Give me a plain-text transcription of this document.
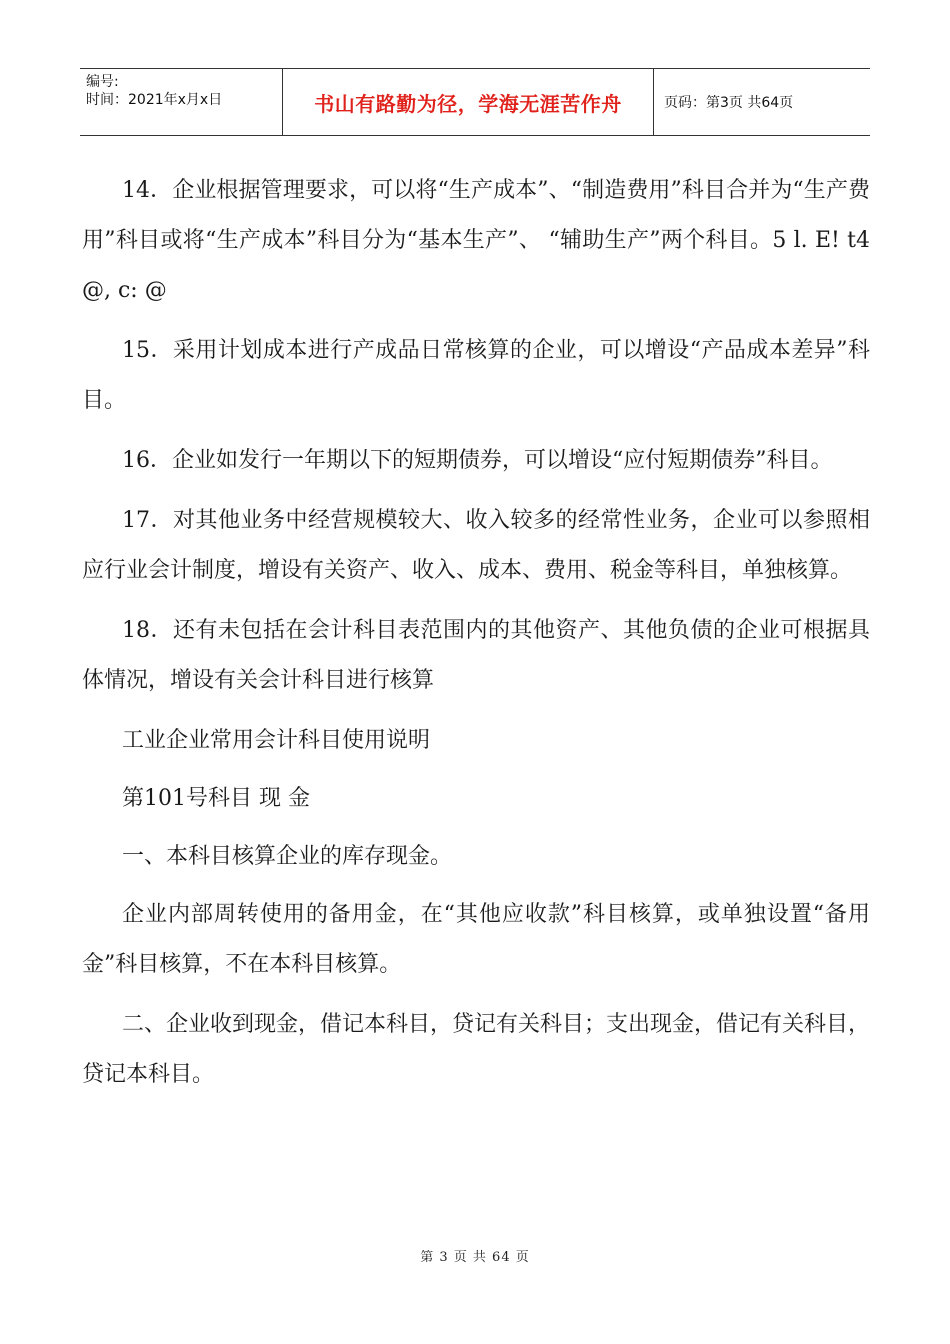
编号:
时间：2021年x月x日	书山有路勤为径，学海无涯苦作舟	页码：第3页 共64页

14．企业根据管理要求，可以将“生产成本”、“制造费用”科目合并为“生产费用”科目或将“生产成本”科目分为“基本生产”、 “辅助生产”两个科目。5 l. E! t4 @, c: @

15．采用计划成本进行产成品日常核算的企业，可以增设“产品成本差异”科目。

16．企业如发行一年期以下的短期债券，可以增设“应付短期债券”科目。

17．对其他业务中经营规模较大、收入较多的经常性业务，企业可以参照相应行业会计制度，增设有关资产、收入、成本、费用、税金等科目，单独核算。

18．还有未包括在会计科目表范围内的其他资产、其他负债的企业可根据具体情况，增设有关会计科目进行核算

工业企业常用会计科目使用说明

第101号科目 现 金

一、本科目核算企业的库存现金。

企业内部周转使用的备用金，在“其他应收款”科目核算，或单独设置“备用金”科目核算，不在本科目核算。

二、企业收到现金，借记本科目，贷记有关科目；支出现金，借记有关科目，贷记本科目。

第 3 页 共 64 页
